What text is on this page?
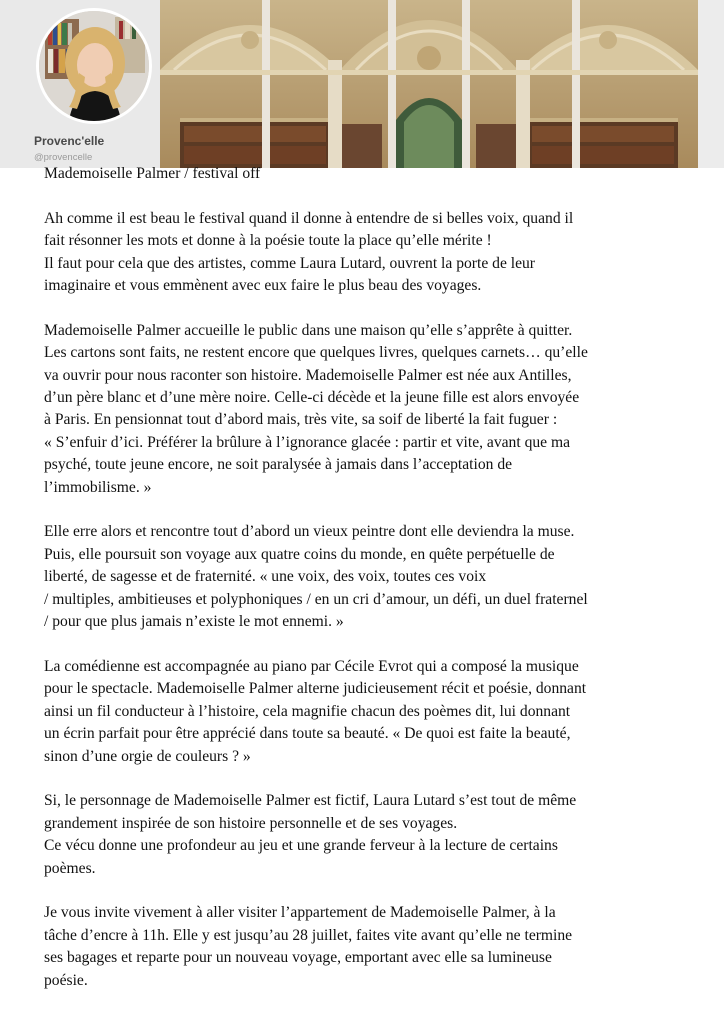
Provenc'elle
@provencelle

Mademoiselle Palmer / festival off

Ah comme il est beau le festival quand il donne à entendre de si belles voix, quand il
fait résonner les mots et donne à la poésie toute la place qu’elle mérite !
Il faut pour cela que des artistes, comme Laura Lutard, ouvrent la porte de leur
imaginaire et vous emmènent avec eux faire le plus beau des voyages.

Mademoiselle Palmer accueille le public dans une maison qu’elle s’apprête à quitter.
Les cartons sont faits, ne restent encore que quelques livres, quelques carnets… qu’elle
va ouvrir pour nous raconter son histoire. Mademoiselle Palmer est née aux Antilles,
d’un père blanc et d’une mère noire. Celle-ci décède et la jeune fille est alors envoyée
à Paris. En pensionnat tout d’abord mais, très vite, sa soif de liberté la fait fuguer :
« S’enfuir d’ici. Préférer la brûlure à l’ignorance glacée : partir et vite, avant que ma
psyché, toute jeune encore, ne soit paralysée à jamais dans l’acceptation de
l’immobilisme. »

Elle erre alors et rencontre tout d’abord un vieux peintre dont elle deviendra la muse.
Puis, elle poursuit son voyage aux quatre coins du monde, en quête perpétuelle de
liberté, de sagesse et de fraternité. « une voix, des voix, toutes ces voix
/ multiples, ambitieuses et polyphoniques / en un cri d’amour, un défi, un duel fraternel
/ pour que plus jamais n’existe le mot ennemi. »

La comédienne est accompagnée au piano par Cécile Evrot qui a composé la musique
pour le spectacle. Mademoiselle Palmer alterne judicieusement récit et poésie, donnant
ainsi un fil conducteur à l’histoire, cela magnifie chacun des poèmes dit, lui donnant
un écrin parfait pour être apprécié dans toute sa beauté. « De quoi est faite la beauté,
sinon d’une orgie de couleurs ? »

Si, le personnage de Mademoiselle Palmer est fictif, Laura Lutard s’est tout de même
grandement inspirée de son histoire personnelle et de ses voyages.
Ce vécu donne une profondeur au jeu et une grande ferveur à la lecture de certains
poèmes.

Je vous invite vivement à aller visiter l’appartement de Mademoiselle Palmer, à la
tâche d’encre à 11h. Elle y est jusqu’au 28 juillet, faites vite avant qu’elle ne termine
ses bagages et reparte pour un nouveau voyage, emportant avec elle sa lumineuse
poésie.
